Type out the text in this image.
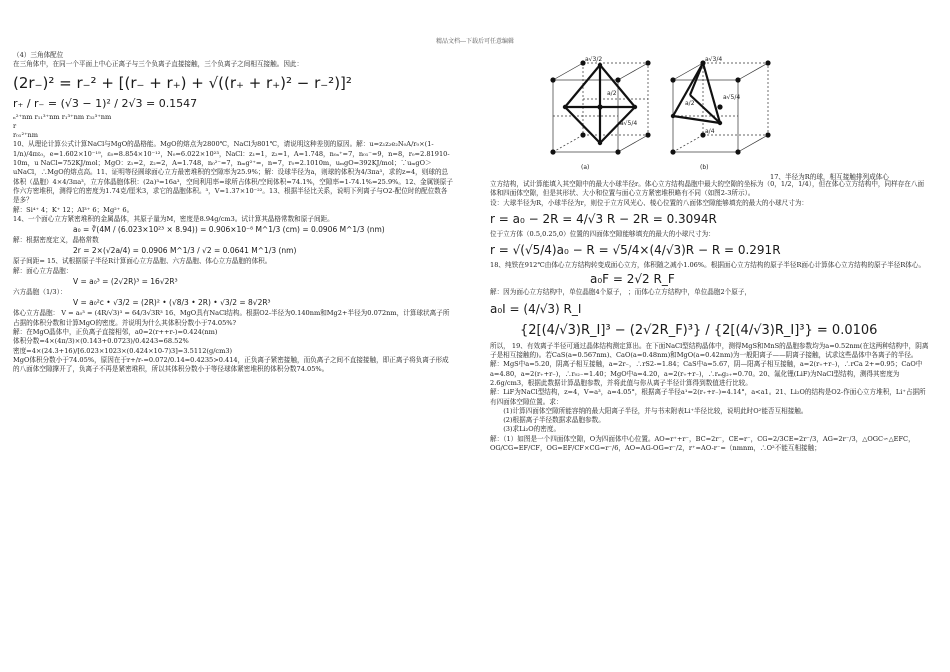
精品文档---下载后可任意编辑

（4）三角体配位

在三角体中，在同一个平面上中心正离子与三个负离子直接接触，三个负离子之间相互接触。因此：

(2r₋)² = r₋² + [(r₋ + r₊) + √((r₊ + r₊)² − r₋²)]²

r₊ / r₋ = (√3 − 1)² / 2√3 = 0.1547

ₙ²⁺nm r₁₁³⁺nm r₁³⁺nm r₃₂³⁺nm

r

r₀₁²⁺nm

10、从理论计算公式计算NaCl与MgO的晶格能。MgO的熔点为2800℃，NaCl为801℃，请说明这种差别的原因。解：u=z₁z₂e₂N₀A/r₀×(1-1/n)/4πε₀，e=1.602×10⁻¹⁹，ε₀=8.854×10⁻¹²，N₀=6.022×10²³，NaCl：z₁=1，z₂=1，A=1.748，n₀ₐ⁺=7，n₀₁⁻=9，n=8，r₀=2.81910-10m，u NaCl=752KJ/mol；MgO：z₁=2，z₂=2，A=1.748，n₀²⁻=7，nₘg²⁺=，n=7，r₀=2.1010m，uₘgO=392KJ/mol；∵uₘgO＞uNaCl，∴MgO的熔点高。11、证明等径圆球面心立方最密堆积的空隙率为25.9%；解：设球半径为a，则球的体积为4/3πa³，求的z=4，则球的总体积（晶胞）4×4/3πa³，立方体晶胞体积：(2a)³=16a³，空间利用率=球所占体积/空间体积=74.1%，空隙率=1-74.1%=25.9%。12、金属镁原子作六方密堆积，测得它的密度为1.74克/厘米3，求它的晶胞体积。³，V=1.37×10⁻²²。13、根据半径比关系，说明下列离子与O2-配位时的配位数各是多？

解：Si⁴⁺ 4；K⁺ 12；Al³⁺ 6；Mg²⁺ 6。

14、一个面心立方紧密堆积的金属晶体，其原子量为M，密度是8.94g/cm3。试计算其晶格常数和原子间距。

a₀ = ∛(4M / (6.023×10²³ × 8.94)) = 0.906×10⁻⁸ M^1/3 (cm) = 0.0906 M^1/3 (nm)

解：根据密度定义，晶格常数

2r = 2×(√2a/4) = 0.0906 M^1/3 / √2 = 0.0641 M^1/3 (nm)

原子间距= 15、试根据原子半径R计算面心立方晶胞、六方晶胞、体心立方晶胞的体积。

解：面心立方晶胞：

V = a₀³ = (2√2R)³ = 16√2R³

六方晶胞（1/3）：

V = a₀²c • √3/2 = (2R)² • (√8/3 • 2R) • √3/2 = 8√2R³

体心立方晶胞： V = a₀³ = (4R/√3)³ = 64/3√3R³ 16、MgO具有NaCl结构。根据O2-半径为0.140nm和Mg2+半径为0.072nm，计算球状离子所占据的体积分数和计算MgO的密度。并说明为什么其体积分数小于74.05%?

解：在MgO晶体中，正负离子直接相邻，a0=2(r++r-)=0.424(nm)

体积分数=4×(4π/3)×(0.143+0.0723)/0.4243=68.52%

密度=4×(24.3+16)/[6.023×1023×(0.424×10-7)3]=3.5112(g/cm3)

MgO体积分数小于74.05%，原因在于r+/r-=0.072/0.14=0.4235>0.414，正负离子紧密接触，而负离子之间不直接接触，即正离子将负离子形成的八面体空隙撑开了，负离子不再是紧密堆积，所以其体积分数小于等径球体紧密堆积的体积分数74.05%。

a√3/2
a/2
a√5/4
(a)
a√3/4
a/2
a√5/4
a/4
(b)
17、半径为R的球，相互接触排列成体心

立方结构，试计算能填入其空隙中的最大小球半径r。体心立方结构晶胞中最大的空隙的坐标为（0，1/2，1/4），但在体心立方结构中，同样存在八面体和四面体空隙，但是其形状、大小和位置与面心立方紧密堆积略有不同（如图2-3所示）。

设：大球半径为R，小球半径为r，则位于立方风光心、棱心位置的八面体空隙能够填充的最大的小球尺寸为：

r = a₀ − 2R = 4/√3 R − 2R = 0.3094R

位于立方体（0.5,0.25,0）位置的四面体空隙能够填充的最大的小球尺寸为：

r = √(√5/4)a₀ − R = √5/4×(4/√3)R − R = 0.291R

18、纯铁在912℃由体心立方结构转变成面心立方，体积随之减小1.06%。根据面心立方结构的原子半径R面心计算体心立方结构的原子半径R体心。

a₀F = 2√2 R_F

解：因为面心立方结构中，单位晶胞4个原子， ；而体心立方结构中，单位晶胞2个原子，

a₀I = (4/√3) R_I

{2[(4/√3)R_I]³ − (2√2R_F)³} / {2[(4/√3)R_I]³} = 0.0106

所以， 19、有效离子半径可通过晶体结构测定算出。在下面NaCl型结构晶体中，测得MgS和MnS的晶胞参数均为a=0.52nm(在这两种结构中，阴离子是相互接触的)。若CaS(a=0.567nm)、CaO(a=0.48nm)和MgO(a=0.42nm)为一般阳离子——阴离子接触，试求这些晶体中各离子的半径。

解：MgS中a=5.20，阴离子相互接触，a=2r₋，∴rS2-=1.84；CaS中a=5.67，阴—阳离子相互接触，a=2(r₊+r₋)，∴rCa 2+=0.95；CaO中a=4.80，a=2(r₊+r₋)，∴r₀₂₋=1.40；MgO中a=4.20，a=2(r₊+r₋)，∴rₘg₂₊=0.70。20、氟化锂(LiF)为NaCl型结构，测得其密度为2.6g/cm3，根据此数据计算晶胞参数，并将此值与你从离子半径计算得到数值进行比较。

解：LiF为NaCl型结构，z=4，V=a³，a=4.05°，根据离子半径a¹=2(r₊+r₋)=4.14°，a<a1。21、Li₂O的结构是O2-作面心立方堆积，Li⁺占据所有四面体空隙位置。求：

(1)计算四面体空隙所能容纳的最大阳离子半径，并与书末附表Li⁺半径比较，说明此时O²能否互相接触。

(2)根据离子半径数据求晶胞参数。

(3)求Li₂O的密度。

解：（1）如图是一个四面体空隙，O为四面体中心位置。AO=r⁺+r⁻，BC=2r⁻，CE=r⁻，CG=2/3CE=2r⁻/3，AG=2r⁻/3，△OGC∽△EFC，OG/CG=EF/CF，OG=EF/CF×CG=r⁻/6，AO=AG-OG=r⁻/2，r⁺=AO-r⁻=（nmnm，∴O²不能互相接触；
